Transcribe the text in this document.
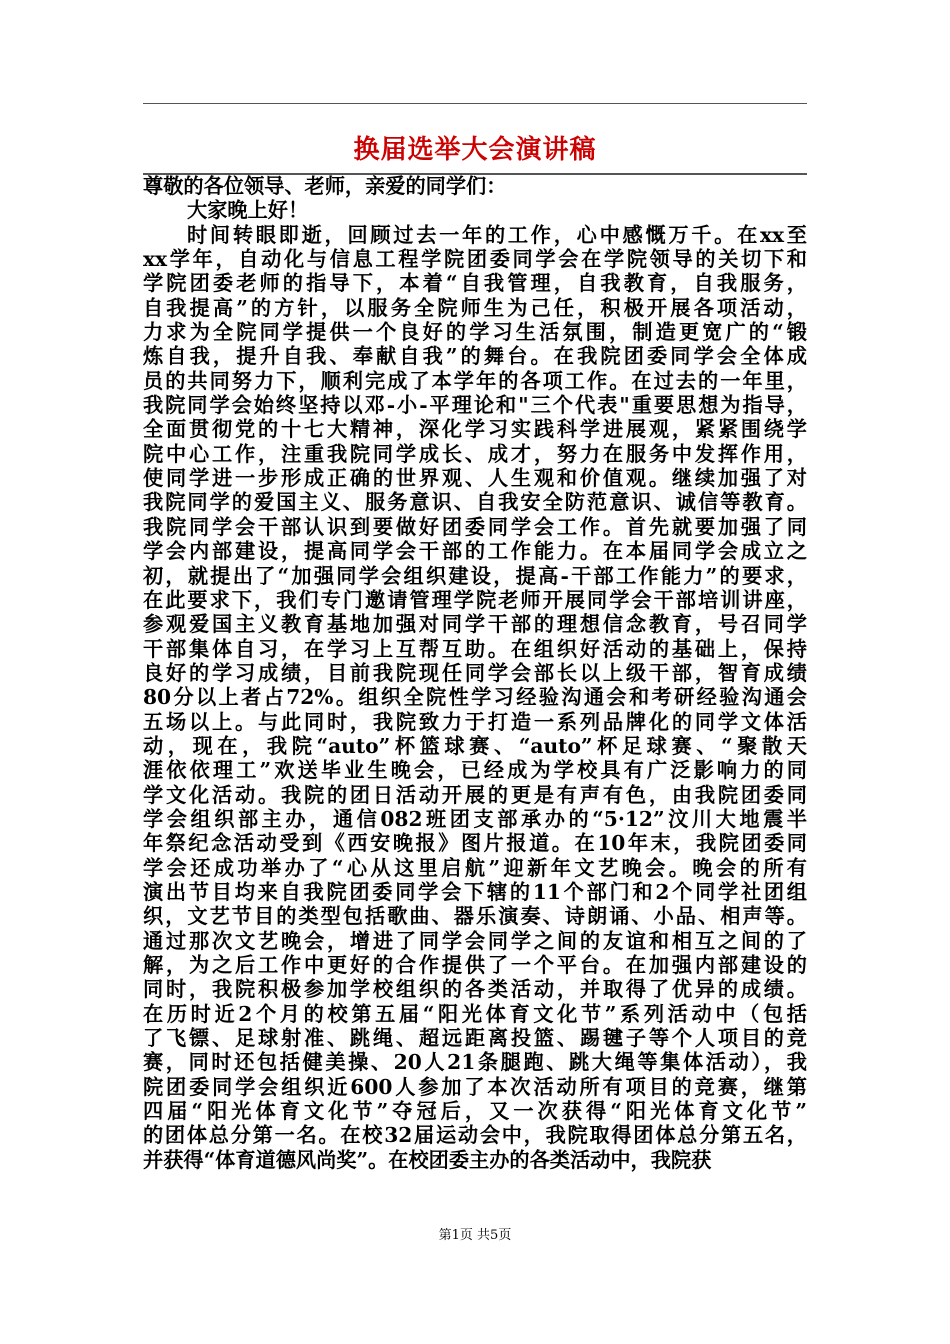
换届选举大会演讲稿
尊敬的各位领导、老师，亲爱的同学们：
大家晚上好！
时间转眼即逝，回顾过去一年的工作，心中感慨万千。在xx至
xx学年，自动化与信息工程学院团委同学会在学院领导的关切下和
学院团委老师的指导下，本着“自我管理，自我教育，自我服务，
自我提高”的方针，以服务全院师生为己任，积极开展各项活动，
力求为全院同学提供一个良好的学习生活氛围，制造更宽广的“锻
炼自我，提升自我、奉献自我”的舞台。在我院团委同学会全体成
员的共同努力下，顺利完成了本学年的各项工作。在过去的一年里，
我院同学会始终坚持以邓-小-平理论和"三个代表"重要思想为指导，
全面贯彻党的十七大精神，深化学习实践科学进展观，紧紧围绕学
院中心工作，注重我院同学成长、成才，努力在服务中发挥作用，
使同学进一步形成正确的世界观、人生观和价值观。继续加强了对
我院同学的爱国主义、服务意识、自我安全防范意识、诚信等教育。
我院同学会干部认识到要做好团委同学会工作。首先就要加强了同
学会内部建设，提高同学会干部的工作能力。在本届同学会成立之
初，就提出了“加强同学会组织建设，提高-干部工作能力”的要求，
在此要求下，我们专门邀请管理学院老师开展同学会干部培训讲座，
参观爱国主义教育基地加强对同学干部的理想信念教育，号召同学
干部集体自习，在学习上互帮互助。在组织好活动的基础上，保持
良好的学习成绩，目前我院现任同学会部长以上级干部，智育成绩
80分以上者占72%。组织全院性学习经验沟通会和考研经验沟通会
五场以上。与此同时，我院致力于打造一系列品牌化的同学文体活
动，现在，我院“auto”杯篮球赛、“auto”杯足球赛、“聚散天
涯依依理工”欢送毕业生晚会，已经成为学校具有广泛影响力的同
学文化活动。我院的团日活动开展的更是有声有色，由我院团委同
学会组织部主办，通信082班团支部承办的“5·12”汶川大地震半
年祭纪念活动受到《西安晚报》图片报道。在10年末，我院团委同
学会还成功举办了“心从这里启航”迎新年文艺晚会。晚会的所有
演出节目均来自我院团委同学会下辖的11个部门和2个同学社团组
织，文艺节目的类型包括歌曲、器乐演奏、诗朗诵、小品、相声等。
通过那次文艺晚会，增进了同学会同学之间的友谊和相互之间的了
解，为之后工作中更好的合作提供了一个平台。在加强内部建设的
同时，我院积极参加学校组织的各类活动，并取得了优异的成绩。
在历时近2个月的校第五届“阳光体育文化节”系列活动中（包括
了飞镖、足球射准、跳绳、超远距离投篮、踢毽子等个人项目的竞
赛，同时还包括健美操、20人21条腿跑、跳大绳等集体活动），我
院团委同学会组织近600人参加了本次活动所有项目的竞赛，继第
四届“阳光体育文化节”夺冠后，又一次获得“阳光体育文化节”
的团体总分第一名。在校32届运动会中，我院取得团体总分第五名，
并获得“体育道德风尚奖”。在校团委主办的各类活动中，我院获
第1页 共5页
